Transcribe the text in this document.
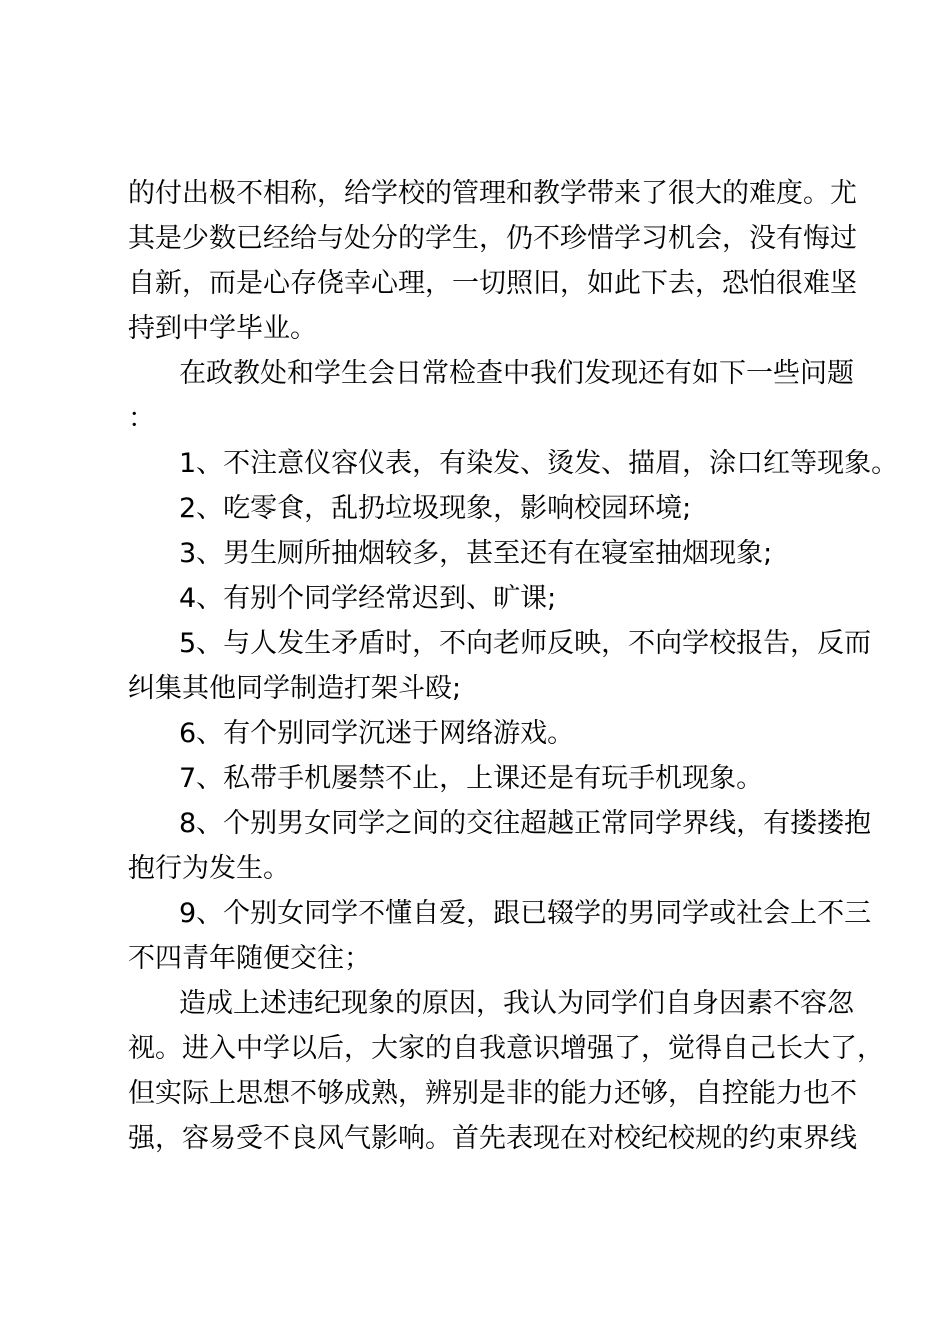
的付出极不相称，给学校的管理和教学带来了很大的难度。尤
其是少数已经给与处分的学生，仍不珍惜学习机会，没有悔过
自新，而是心存侥幸心理，一切照旧，如此下去，恐怕很难坚
持到中学毕业。
在政教处和学生会日常检查中我们发现还有如下一些问题
：
1、不注意仪容仪表，有染发、烫发、描眉，涂口红等现象。
2、吃零食，乱扔垃圾现象，影响校园环境;
3、男生厕所抽烟较多，甚至还有在寝室抽烟现象;
4、有别个同学经常迟到、旷课;
5、与人发生矛盾时，不向老师反映，不向学校报告，反而
纠集其他同学制造打架斗殴;
6、有个别同学沉迷于网络游戏。
7、私带手机屡禁不止，上课还是有玩手机现象。
8、个别男女同学之间的交往超越正常同学界线，有搂搂抱
抱行为发生。
9、个别女同学不懂自爱，跟已辍学的男同学或社会上不三
不四青年随便交往；
造成上述违纪现象的原因，我认为同学们自身因素不容忽
视。进入中学以后，大家的自我意识增强了，觉得自己长大了，
但实际上思想不够成熟，辨别是非的能力还够，自控能力也不
强，容易受不良风气影响。首先表现在对校纪校规的约束界线
